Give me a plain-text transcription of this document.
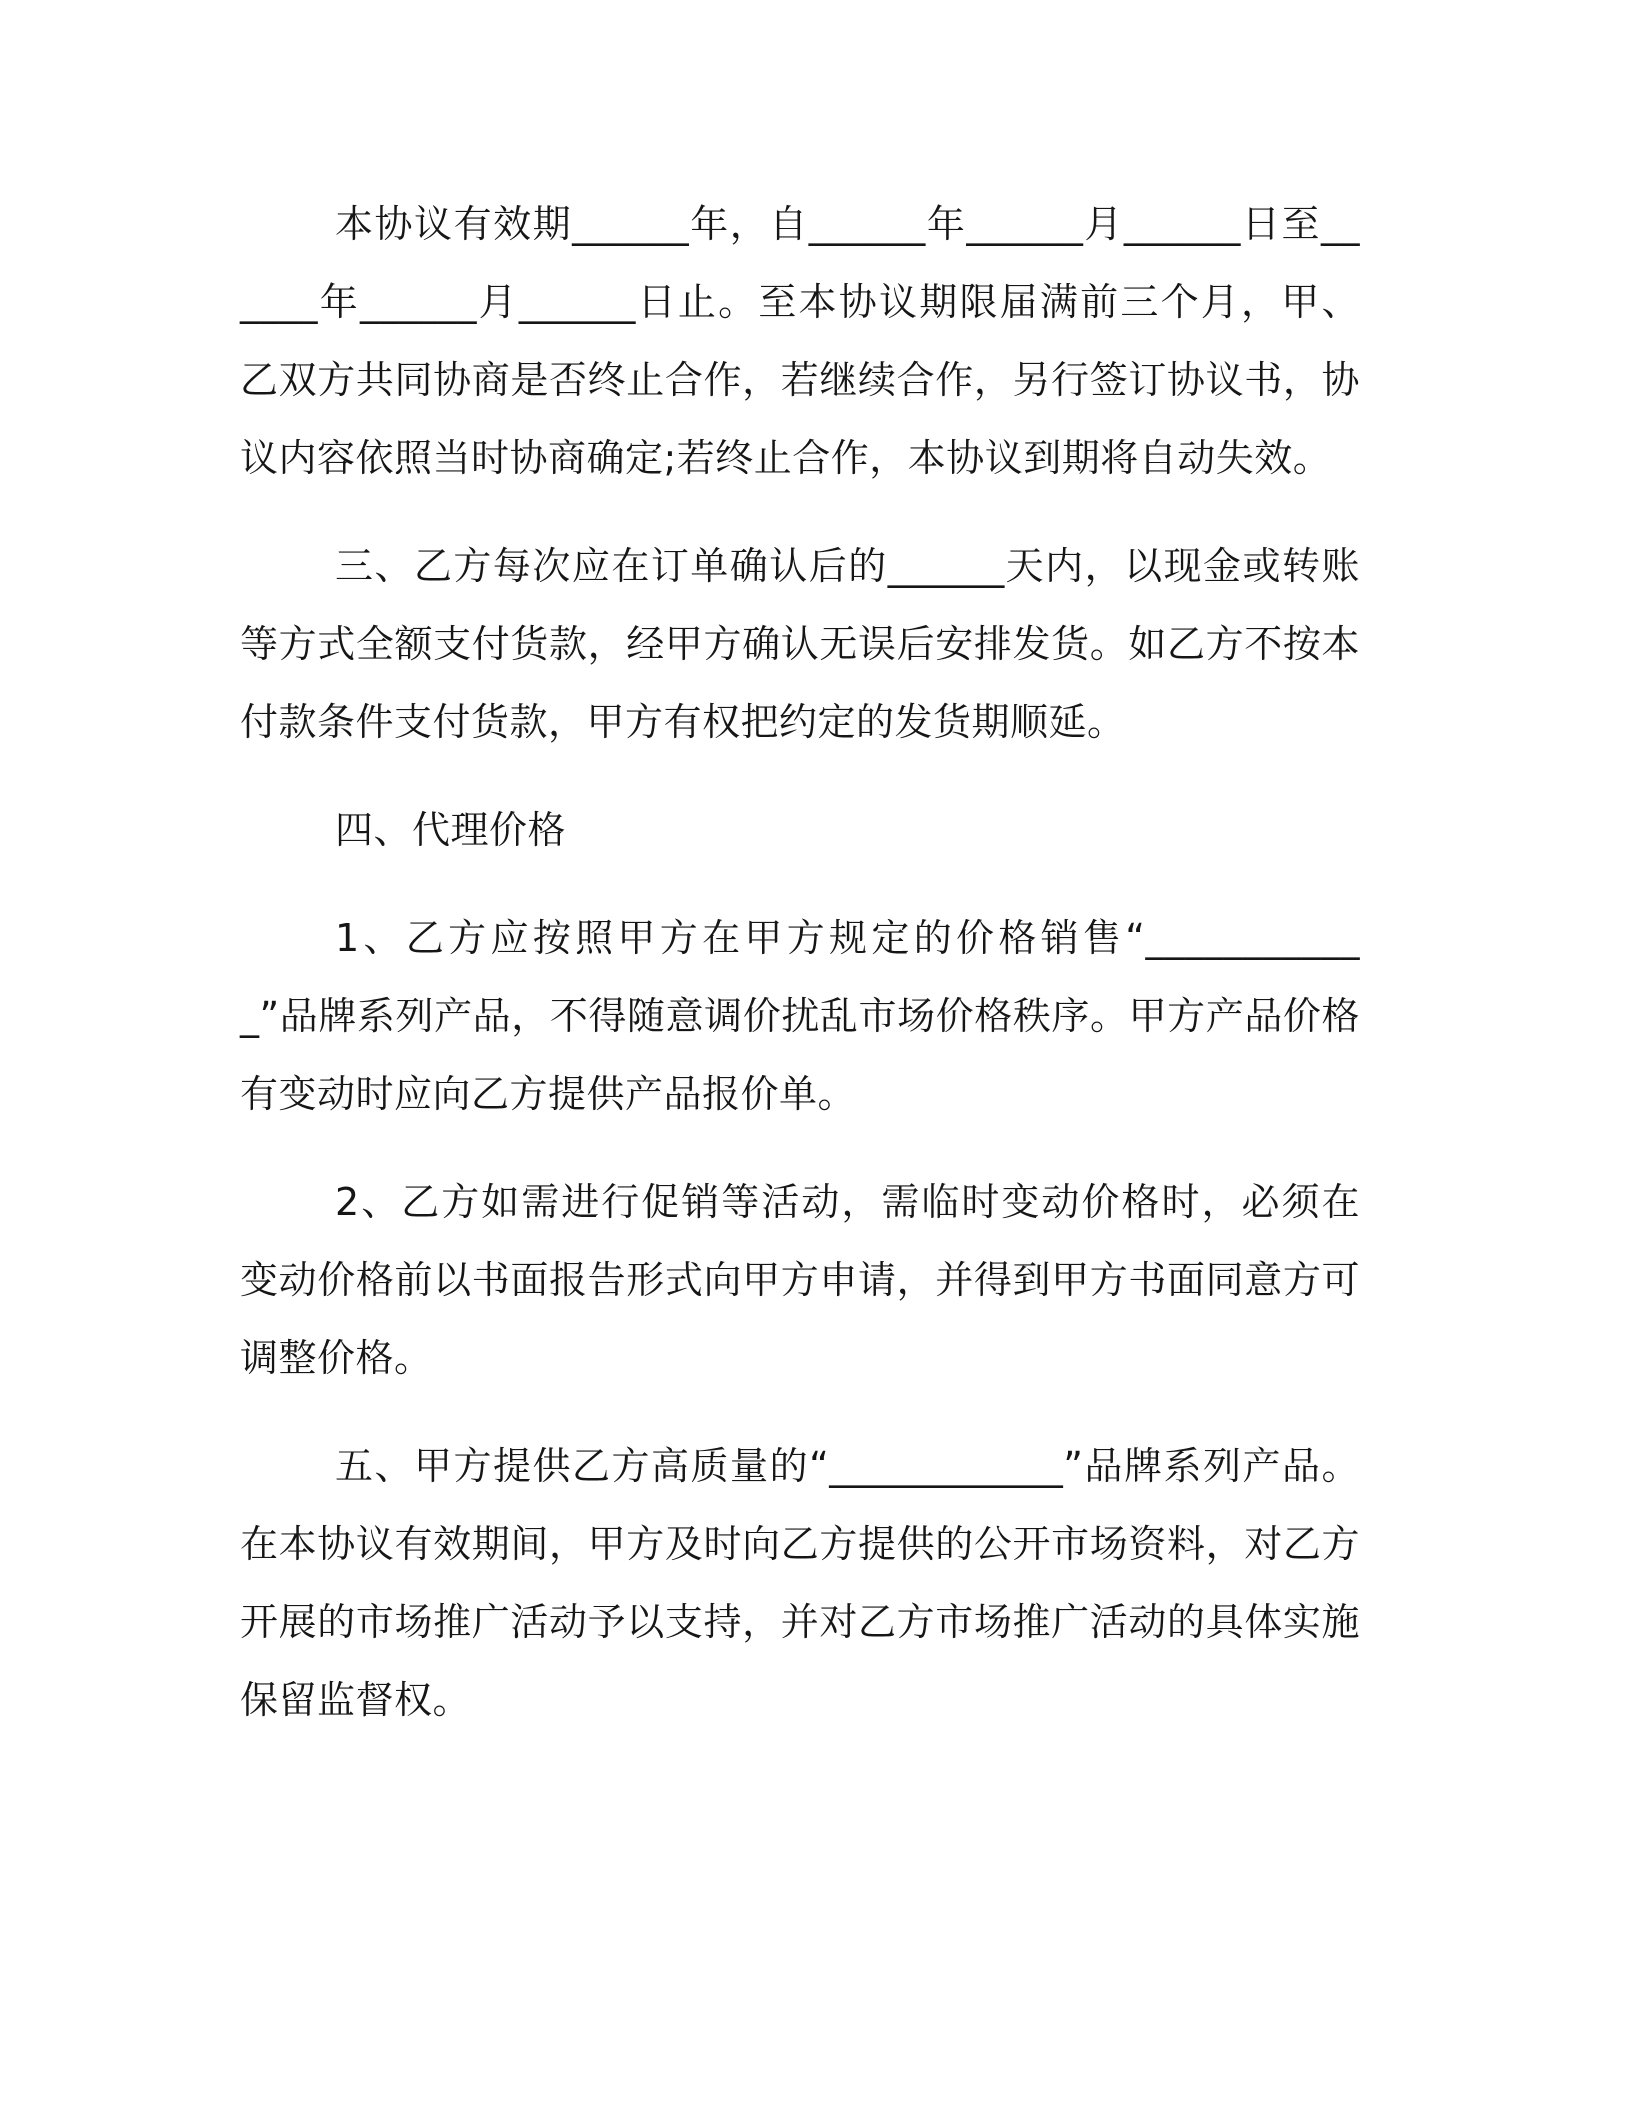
本协议有效期______年，自______年______月______日至______年______月______日止。至本协议期限届满前三个月，甲、乙双方共同协商是否终止合作，若继续合作，另行签订协议书，协议内容依照当时协商确定;若终止合作，本协议到期将自动失效。

三、乙方每次应在订单确认后的______天内，以现金或转账等方式全额支付货款，经甲方确认无误后安排发货。如乙方不按本付款条件支付货款，甲方有权把约定的发货期顺延。

四、代理价格

1、乙方应按照甲方在甲方规定的价格销售“____________”品牌系列产品，不得随意调价扰乱市场价格秩序。甲方产品价格有变动时应向乙方提供产品报价单。

2、乙方如需进行促销等活动，需临时变动价格时，必须在变动价格前以书面报告形式向甲方申请，并得到甲方书面同意方可调整价格。

五、甲方提供乙方高质量的“____________”品牌系列产品。在本协议有效期间，甲方及时向乙方提供的公开市场资料，对乙方开展的市场推广活动予以支持，并对乙方市场推广活动的具体实施保留监督权。
